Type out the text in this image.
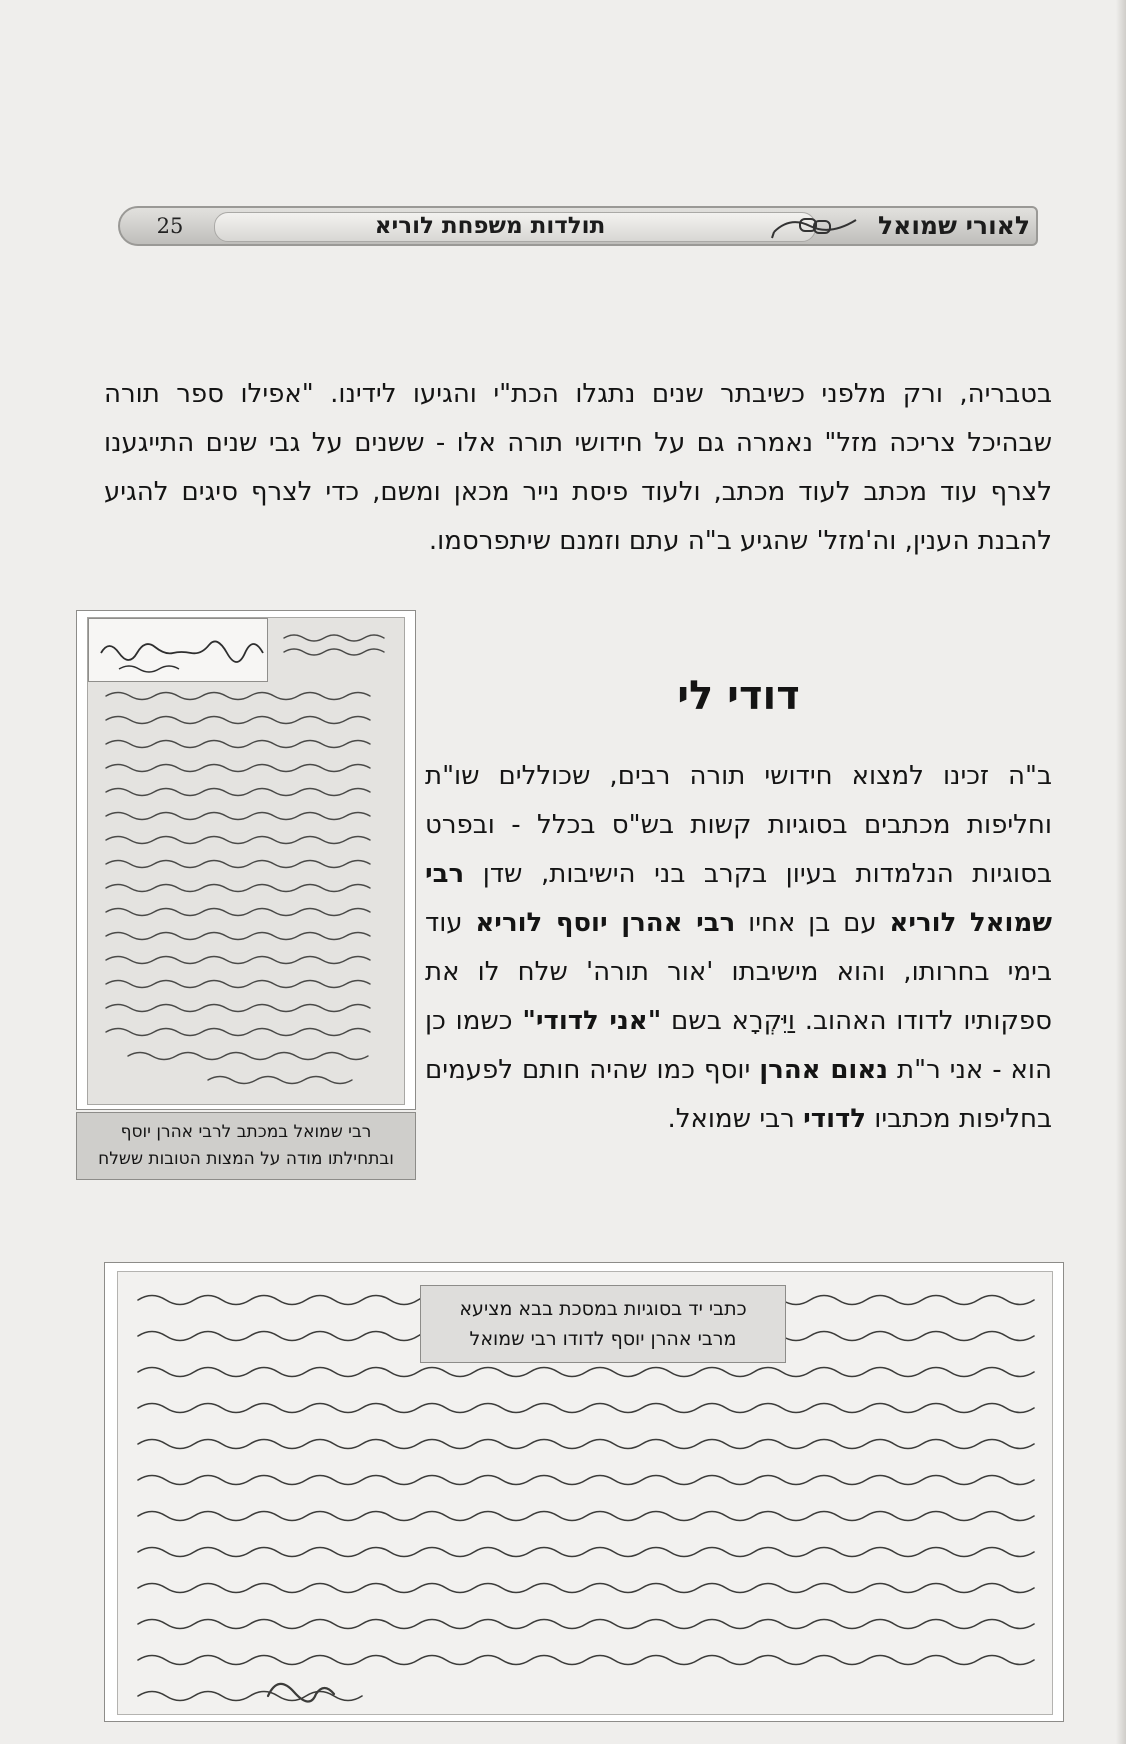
25	תולדות משפחת לוריא	לאורי שמואל

בטבריה, ורק מלפני כשיבתר שנים נתגלו הכת"י והגיעו לידינו. "אפילו ספר תורה שבהיכל צריכה מזל" נאמרה גם על חידושי תורה אלו - ששנים על גבי שנים התייגענו לצרף עוד מכתב לעוד מכתב, ולעוד פיסת נייר מכאן ומשם, כדי לצרף סיגים להגיע להבנת הענין, וה'מזל' שהגיע ב"ה עתם וזמנם שיתפרסמו.

דודי לי

ב"ה זכינו למצוא חידושי תורה רבים, שכוללים שו"ת וחליפות מכתבים בסוגיות קשות בש"ס בכלל - ובפרט בסוגיות הנלמדות בעיון בקרב בני הישיבות, שדן רבי שמואל לוריא עם בן אחיו רבי אהרן יוסף לוריא עוד בימי בחרותו, והוא מישיבתו 'אור תורה' שלח לו את ספקותיו לדודו האהוב. וַיִּקְרָא בשם "אני לדודי" כשמו כן הוא - אני ר"ת נאום אהרן יוסף כמו שהיה חותם לפעמים בחליפות מכתביו לדודי רבי שמואל.

רבי שמואל במכתב לרבי אהרן יוסף
ובתחילתו מודה על המצות הטובות ששלח
כתבי יד בסוגיות במסכת בבא מציעא
מרבי אהרן יוסף לדודו רבי שמואל
